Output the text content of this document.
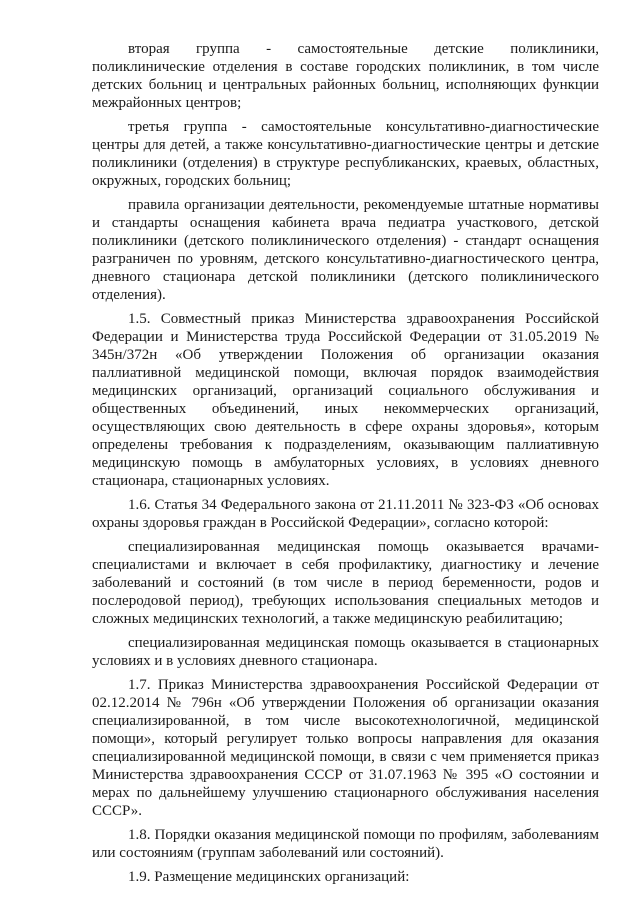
вторая группа - самостоятельные детские поликлиники, поликлинические отделения в составе городских поликлиник, в том числе детских больниц и центральных районных больниц, исполняющих функции межрайонных центров;

третья группа - самостоятельные консультативно-диагностические центры для детей, а также консультативно-диагностические центры и детские поликлиники (отделения) в структуре республиканских, краевых, областных, окружных, городских больниц;

правила организации деятельности, рекомендуемые штатные нормативы и стандарты оснащения кабинета врача педиатра участкового, детской поликлиники (детского поликлинического отделения) - стандарт оснащения разграничен по уровням, детского консультативно-диагностического центра, дневного стационара детской поликлиники (детского поликлинического отделения).

1.5. Совместный приказ Министерства здравоохранения Российской Федерации и Министерства труда Российской Федерации от 31.05.2019 № 345н/372н «Об утверждении Положения об организации оказания паллиативной медицинской помощи, включая порядок взаимодействия медицинских организаций, организаций социального обслуживания и общественных объединений, иных некоммерческих организаций, осуществляющих свою деятельность в сфере охраны здоровья», которым определены требования к подразделениям, оказывающим паллиативную медицинскую помощь в амбулаторных условиях, в условиях дневного стационара, стационарных условиях.

1.6. Статья 34 Федерального закона от 21.11.2011 № 323-ФЗ «Об основах охраны здоровья граждан в Российской Федерации», согласно которой:

специализированная медицинская помощь оказывается врачами-специалистами и включает в себя профилактику, диагностику и лечение заболеваний и состояний (в том числе в период беременности, родов и послеродовой период), требующих использования специальных методов и сложных медицинских технологий, а также медицинскую реабилитацию;

специализированная медицинская помощь оказывается в стационарных условиях и в условиях дневного стационара.

1.7. Приказ Министерства здравоохранения Российской Федерации от 02.12.2014 № 796н «Об утверждении Положения об организации оказания специализированной, в том числе высокотехнологичной, медицинской помощи», который регулирует только вопросы направления для оказания специализированной медицинской помощи, в связи с чем применяется приказ Министерства здравоохранения СССР от 31.07.1963 № 395 «О состоянии и мерах по дальнейшему улучшению стационарного обслуживания населения СССР».

1.8. Порядки оказания медицинской помощи по профилям, заболеваниям или состояниям (группам заболеваний или состояний).

1.9. Размещение медицинских организаций:
